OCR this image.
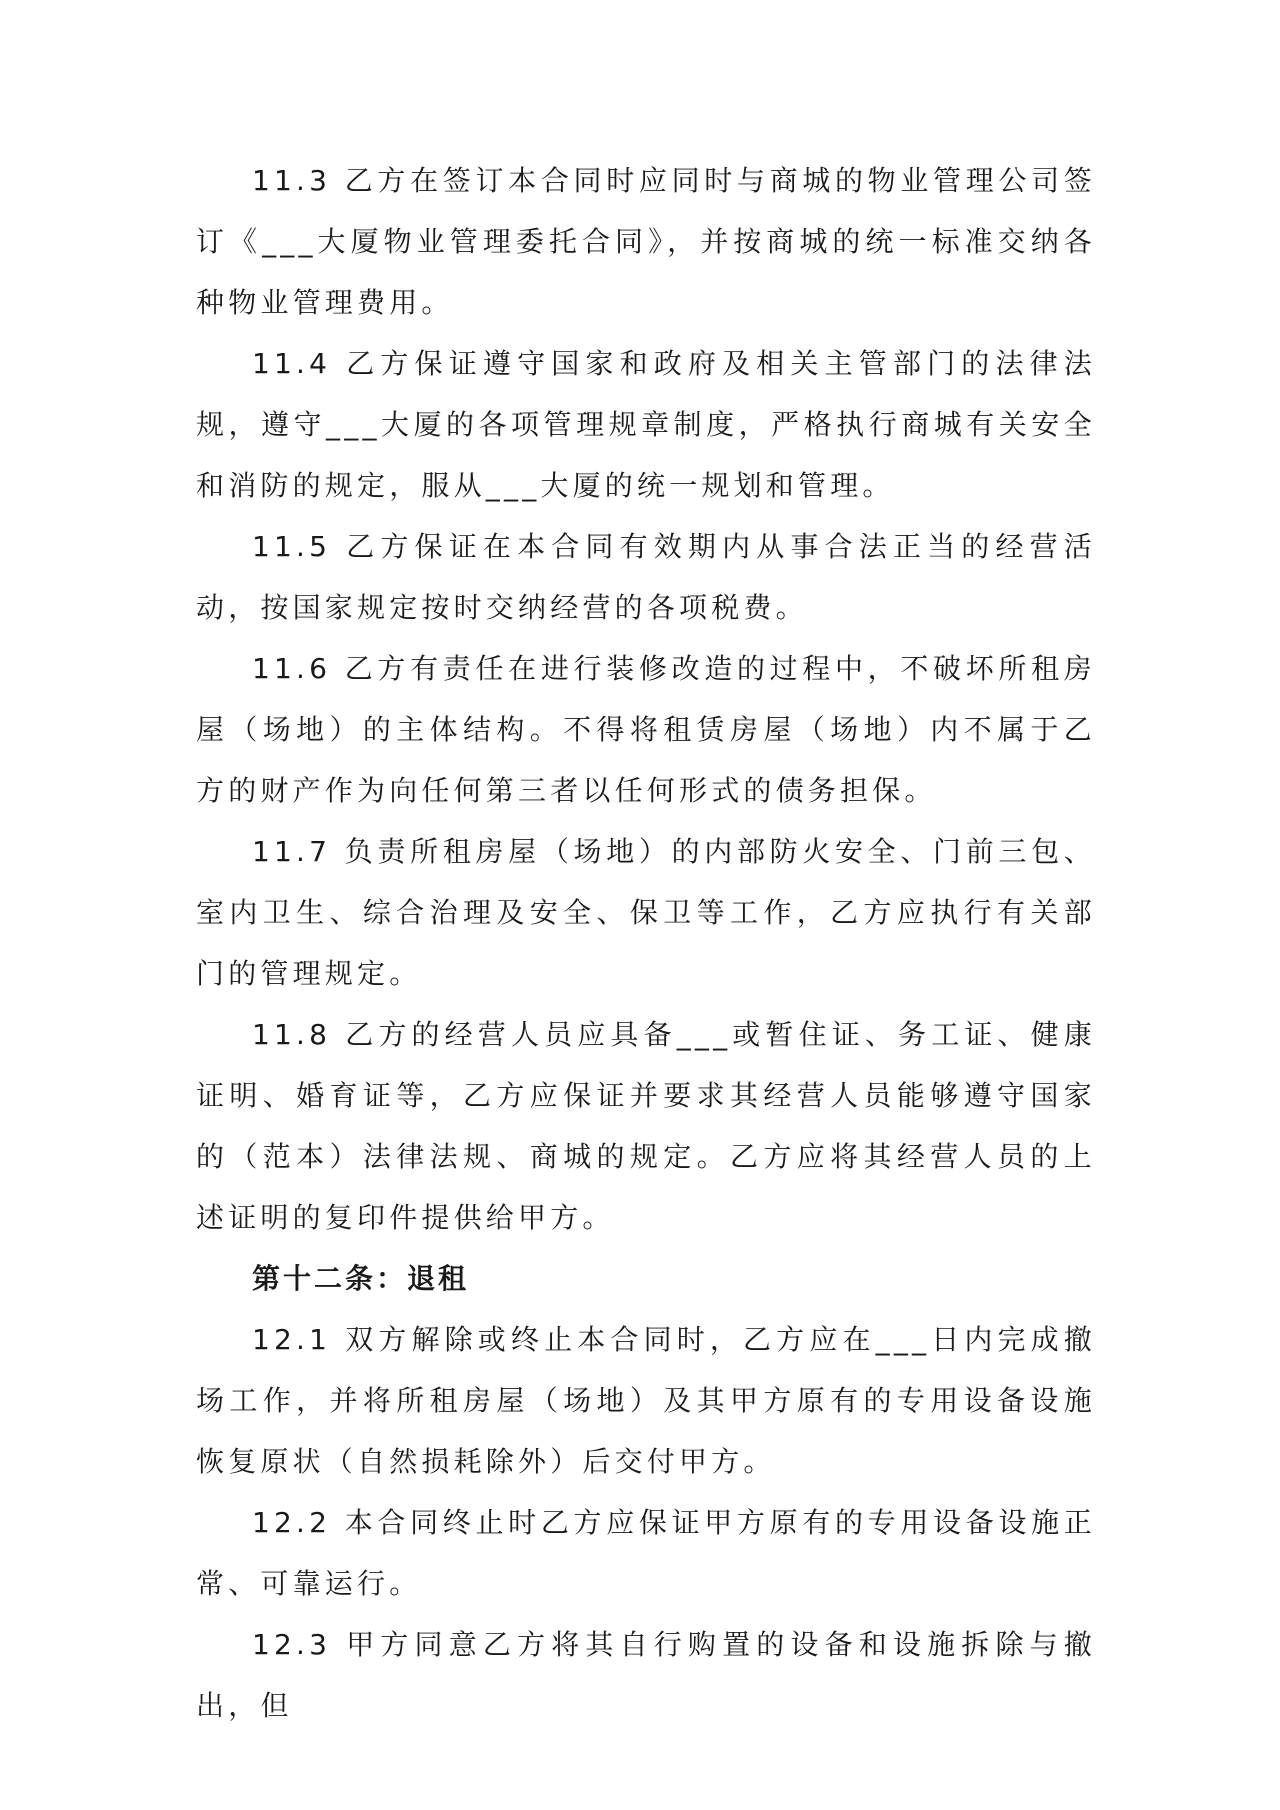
11.3 乙方在签订本合同时应同时与商城的物业管理公司签订《___大厦物业管理委托合同》，并按商城的统一标准交纳各种物业管理费用。

11.4 乙方保证遵守国家和政府及相关主管部门的法律法规，遵守___大厦的各项管理规章制度，严格执行商城有关安全和消防的规定，服从___大厦的统一规划和管理。

11.5 乙方保证在本合同有效期内从事合法正当的经营活动，按国家规定按时交纳经营的各项税费。

11.6 乙方有责任在进行装修改造的过程中，不破坏所租房屋（场地）的主体结构。不得将租赁房屋（场地）内不属于乙方的财产作为向任何第三者以任何形式的债务担保。

11.7 负责所租房屋（场地）的内部防火安全、门前三包、室内卫生、综合治理及安全、保卫等工作，乙方应执行有关部门的管理规定。

11.8 乙方的经营人员应具备___或暂住证、务工证、健康证明、婚育证等，乙方应保证并要求其经营人员能够遵守国家的（范本）法律法规、商城的规定。乙方应将其经营人员的上述证明的复印件提供给甲方。

第十二条：退租

12.1 双方解除或终止本合同时，乙方应在___日内完成撤场工作，并将所租房屋（场地）及其甲方原有的专用设备设施恢复原状（自然损耗除外）后交付甲方。

12.2 本合同终止时乙方应保证甲方原有的专用设备设施正常、可靠运行。

12.3 甲方同意乙方将其自行购置的设备和设施拆除与撤出，但
